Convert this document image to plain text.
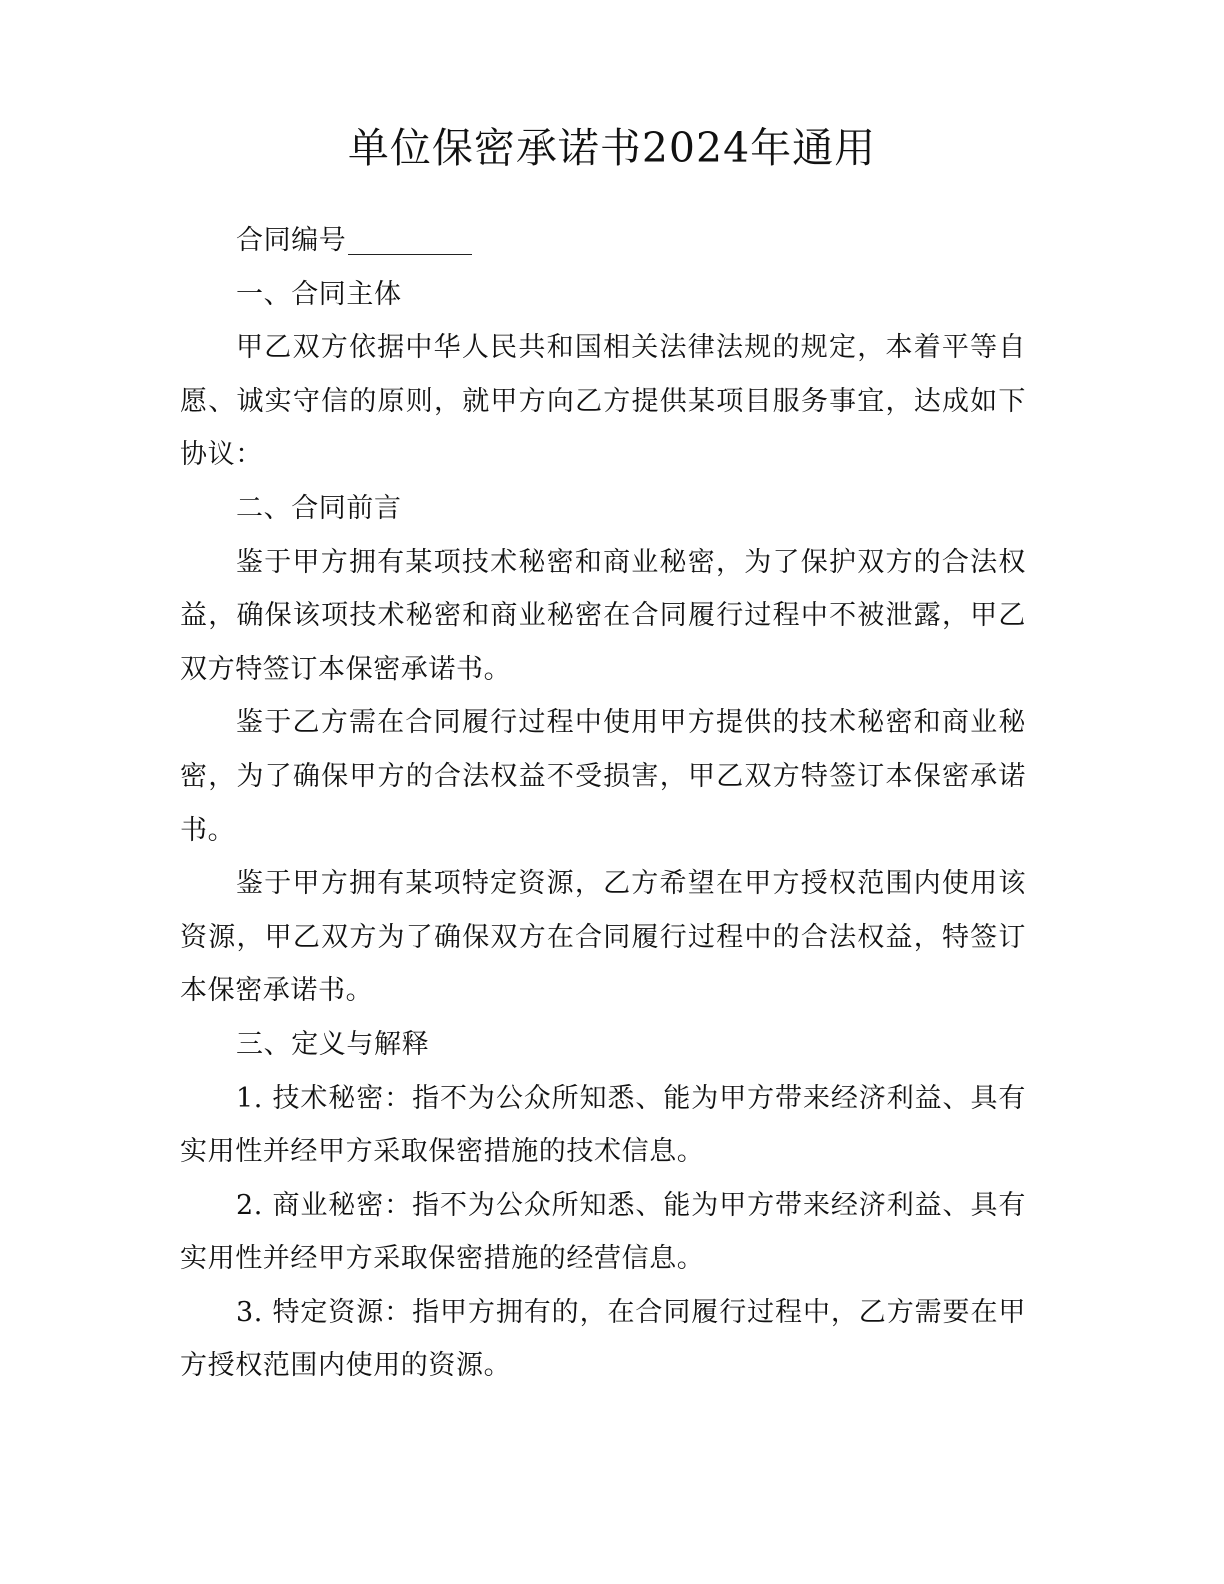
单位保密承诺书2024年通用

合同编号

一、合同主体

甲乙双方依据中华人民共和国相关法律法规的规定，本着平等自愿、诚实守信的原则，就甲方向乙方提供某项目服务事宜，达成如下协议：

二、合同前言

鉴于甲方拥有某项技术秘密和商业秘密，为了保护双方的合法权益，确保该项技术秘密和商业秘密在合同履行过程中不被泄露，甲乙双方特签订本保密承诺书。

鉴于乙方需在合同履行过程中使用甲方提供的技术秘密和商业秘密，为了确保甲方的合法权益不受损害，甲乙双方特签订本保密承诺书。

鉴于甲方拥有某项特定资源，乙方希望在甲方授权范围内使用该资源，甲乙双方为了确保双方在合同履行过程中的合法权益，特签订本保密承诺书。

三、定义与解释

1. 技术秘密：指不为公众所知悉、能为甲方带来经济利益、具有实用性并经甲方采取保密措施的技术信息。

2. 商业秘密：指不为公众所知悉、能为甲方带来经济利益、具有实用性并经甲方采取保密措施的经营信息。

3. 特定资源：指甲方拥有的，在合同履行过程中，乙方需要在甲方授权范围内使用的资源。
